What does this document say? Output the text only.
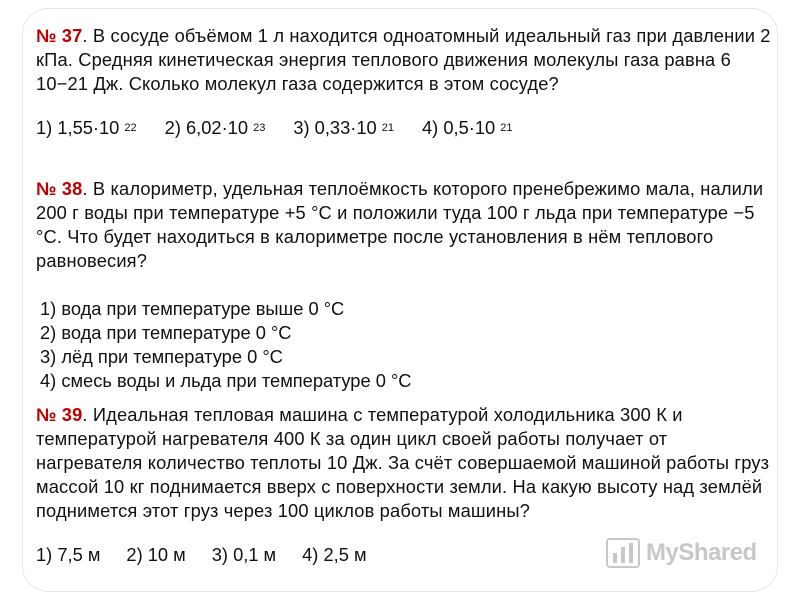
№ 37. В сосуде объёмом 1 л находится одноатомный идеальный газ при давлении 2 кПа. Средняя кинетическая энергия теплового движения молекулы газа равна 6 10−21 Дж. Сколько молекул газа содержится в этом сосуде?

1) 1,55·10 $^{22}$ 2) 6,02·10 $^{23}$ 3) 0,33·10 $^{21}$ 4) 0,5·10 $^{21}$

№ 38. В калориметр, удельная теплоёмкость которого пренебрежимо мала, налили 200 г воды при температуре +5 °С и положили туда 100 г льда при температуре −5 °С. Что будет находиться в калориметре после установления в нём теплового равновесия?

1) вода при температуре выше 0 °С
2) вода при температуре 0 °С
3) лёд при температуре 0 °С
4) смесь воды и льда при температуре 0 °С

№ 39. Идеальная тепловая машина с температурой холодильника 300 К и температурой нагревателя 400 К за один цикл своей работы получает от нагревателя количество теплоты 10 Дж. За счёт совершаемой машиной работы груз массой 10 кг поднимается вверх с поверхности земли. На какую высоту над землёй поднимется этот груз через 100 циклов работы машины?

1) 7,5 м 2) 10 м 3) 0,1 м 4) 2,5 м	MyShared
